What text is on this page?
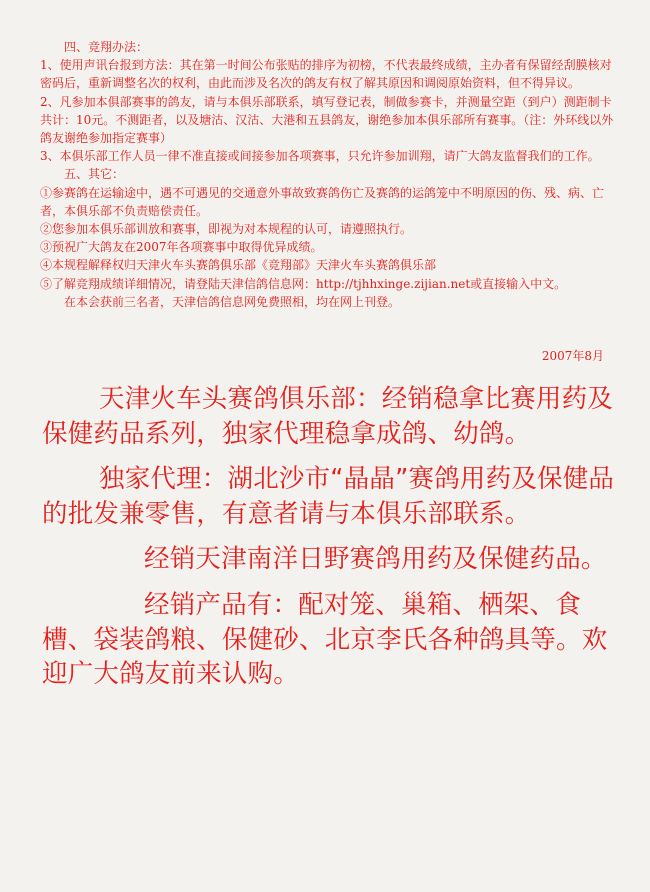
四、竞翔办法：

1、使用声讯台报到方法：其在第一时间公布张贴的排序为初榜，不代表最终成绩，主办者有保留经刮膜核对密码后，重新调整名次的权利，由此而涉及名次的鸽友有权了解其原因和调阅原始资料，但不得异议。

2、凡参加本俱部赛事的鸽友，请与本俱乐部联系，填写登记表，制做参赛卡，并测量空距（到户）测距制卡共计：10元。不测距者，以及塘沽、汉沽、大港和五县鸽友，谢绝参加本俱乐部所有赛事。（注：外环线以外鸽友谢绝参加指定赛事）

3、本俱乐部工作人员一律不准直接或间接参加各项赛事，只允许参加训翔，请广大鸽友监督我们的工作。

五、其它：

①参赛鸽在运输途中，遇不可遇见的交通意外事故致赛鸽伤亡及赛鸽的运鸽笼中不明原因的伤、残、病、亡者，本俱乐部不负责赔偿责任。

②您参加本俱乐部训放和赛事，即视为对本规程的认可，请遵照执行。

③预祝广大鸽友在2007年各项赛事中取得优异成绩。

④本规程解释权归天津火车头赛鸽俱乐部《竞翔部》天津火车头赛鸽俱乐部

⑤了解竞翔成绩详细情况，请登陆天津信鸽信息网：http://tjhhxinge.zijian.net或直接输入中文。

在本会获前三名者，天津信鸽信息网免费照相，均在网上刊登。

2007年8月

天津火车头赛鸽俱乐部：经销稳拿比赛用药及保健药品系列，独家代理稳拿成鸽、幼鸽。

独家代理：湖北沙市“晶晶”赛鸽用药及保健品的批发兼零售，有意者请与本俱乐部联系。

经销天津南洋日野赛鸽用药及保健药品。

经销产品有：配对笼、巢箱、栖架、食槽、袋装鸽粮、保健砂、北京李氏各种鸽具等。欢迎广大鸽友前来认购。
